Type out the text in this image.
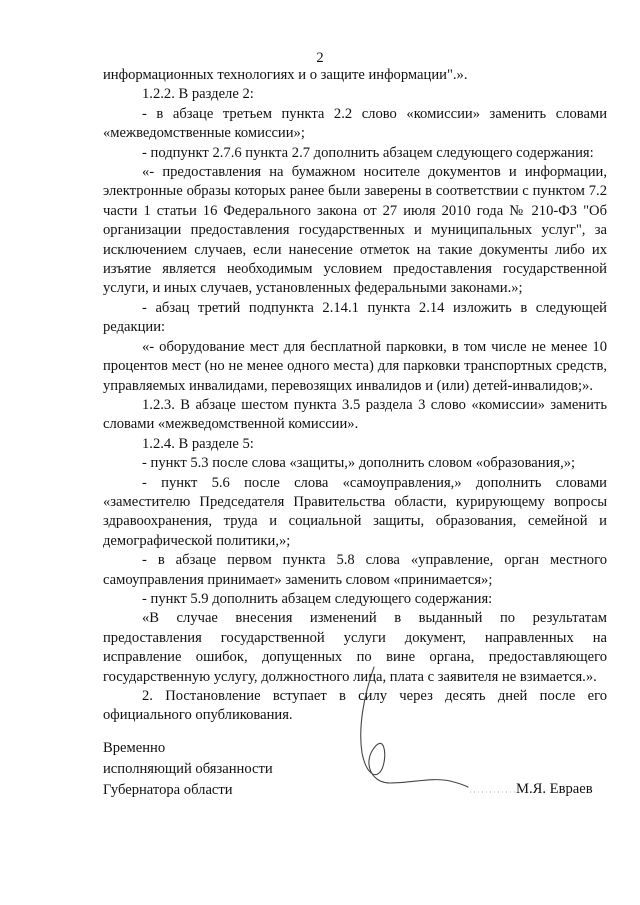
2

информационных технологиях и о защите информации".».

1.2.2. В разделе 2:

- в абзаце третьем пункта 2.2 слово «комиссии» заменить словами «межведомственные комиссии»;

- подпункт 2.7.6 пункта 2.7 дополнить абзацем следующего содержания:

«- предоставления на бумажном носителе документов и информации, электронные образы которых ранее были заверены в соответствии с пунктом 7.2 части 1 статьи 16 Федерального закона от 27 июля 2010 года № 210-ФЗ "Об организации предоставления государственных и муниципальных услуг", за исключением случаев, если нанесение отметок на такие документы либо их изъятие является необходимым условием предоставления государственной услуги, и иных случаев, установленных федеральными законами.»;

- абзац третий подпункта 2.14.1 пункта 2.14 изложить в следующей редакции:

«- оборудование мест для бесплатной парковки, в том числе не менее 10 процентов мест (но не менее одного места) для парковки транспортных средств, управляемых инвалидами, перевозящих инвалидов и (или) детей-инвалидов;».

1.2.3. В абзаце шестом пункта 3.5 раздела 3 слово «комиссии» заменить словами «межведомственной комиссии».

1.2.4. В разделе 5:

- пункт 5.3 после слова «защиты,» дополнить словом «образования,»;

- пункт 5.6 после слова «самоуправления,» дополнить словами «заместителю Председателя Правительства области, курирующему вопросы здравоохранения, труда и социальной защиты, образования, семейной и демографической политики,»;

- в абзаце первом пункта 5.8 слова «управление, орган местного самоуправления принимает» заменить словом «принимается»;

- пункт 5.9 дополнить абзацем следующего содержания:

«В случае внесения изменений в выданный по результатам предоставления государственной услуги документ, направленных на исправление ошибок, допущенных по вине органа, предоставляющего государственную услугу, должностного лица, плата с заявителя не взимается.».

2. Постановление вступает в силу через десять дней после его официального опубликования.

Временно
исполняющий обязанности
Губернатора области	М.Я. Евраев
